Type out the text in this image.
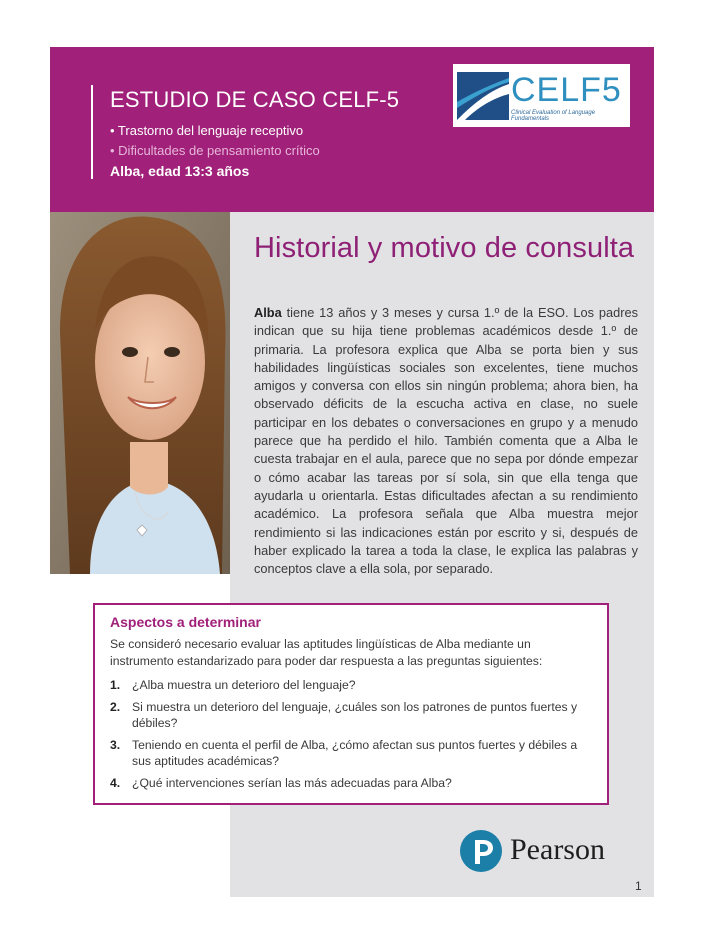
ESTUDIO DE CASO CELF-5
• Trastorno del lenguaje receptivo
• Dificultades de pensamiento crítico
Alba, edad 13:3 años
CELF5
Clinical Evaluation of Language Fundamentals
Historial y motivo de consulta
Alba tiene 13 años y 3 meses y cursa 1.º de la ESO. Los padres indican que su hija tiene problemas académicos desde 1.º de primaria. La profesora explica que Alba se porta bien y sus habilidades lingüísticas sociales son excelentes, tiene muchos amigos y conversa con ellos sin ningún problema; ahora bien, ha observado déficits de la escucha activa en clase, no suele participar en los debates o conversaciones en grupo y a menudo parece que ha perdido el hilo. También comenta que a Alba le cuesta trabajar en el aula, parece que no sepa por dónde empezar o cómo acabar las tareas por sí sola, sin que ella tenga que ayudarla u orientarla. Estas dificultades afectan a su rendimiento académico. La profesora señala que Alba muestra mejor rendimiento si las indicaciones están por escrito y si, después de haber explicado la tarea a toda la clase, le explica las palabras y conceptos clave a ella sola, por separado.
Aspectos a determinar
Se consideró necesario evaluar las aptitudes lingüísticas de Alba mediante un instrumento estandarizado para poder dar respuesta a las preguntas siguientes:
1. ¿Alba muestra un deterioro del lenguaje?
2. Si muestra un deterioro del lenguaje, ¿cuáles son los patrones de puntos fuertes y débiles?
3. Teniendo en cuenta el perfil de Alba, ¿cómo afectan sus puntos fuertes y débiles a sus aptitudes académicas?
4. ¿Qué intervenciones serían las más adecuadas para Alba?
Pearson
1
